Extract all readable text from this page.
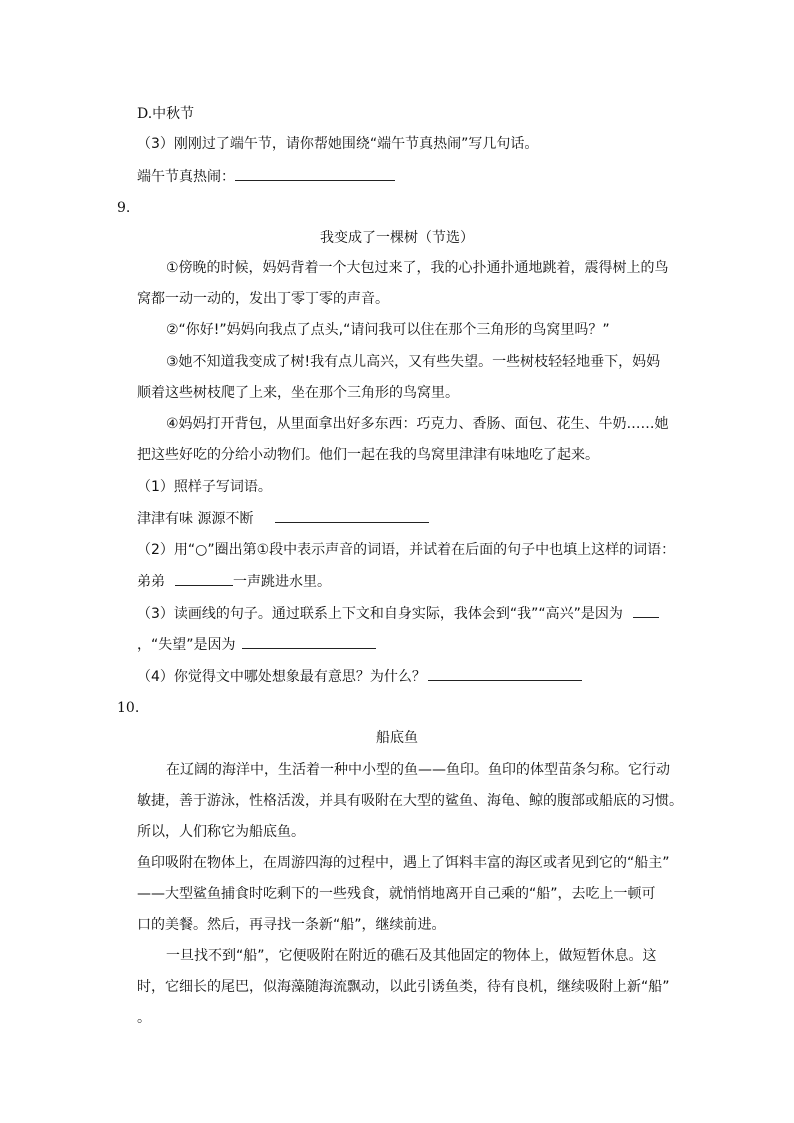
D.中秋节
（3）刚刚过了端午节，请你帮她围绕“端午节真热闹”写几句话。
端午节真热闹：
9.
我变成了一棵树（节选）
①傍晚的时候，妈妈背着一个大包过来了，我的心扑通扑通地跳着，震得树上的鸟
窝都一动一动的，发出丁零丁零的声音。
②“你好!”妈妈向我点了点头,“请问我可以住在那个三角形的鸟窝里吗？”
③她不知道我变成了树!我有点儿高兴，又有些失望。一些树枝轻轻地垂下，妈妈
顺着这些树枝爬了上来，坐在那个三角形的鸟窝里。
④妈妈打开背包，从里面拿出好多东西：巧克力、香肠、面包、花生、牛奶……她
把这些好吃的分给小动物们。他们一起在我的鸟窝里津津有味地吃了起来。
（1）照样子写词语。
津津有味 源源不断
（2）用“○”圈出第①段中表示声音的词语，并试着在后面的句子中也填上这样的词语：
弟弟	一声跳进水里。
（3）读画线的句子。通过联系上下文和自身实际，我体会到“我”“高兴”是因为
，“失望”是因为
（4）你觉得文中哪处想象最有意思？为什么？
10.
船底鱼
在辽阔的海洋中，生活着一种中小型的鱼——鱼印。鱼印的体型苗条匀称。它行动
敏捷，善于游泳，性格活泼，并具有吸附在大型的鲨鱼、海龟、鲸的腹部或船底的习惯。
所以，人们称它为船底鱼。
鱼印吸附在物体上，在周游四海的过程中，遇上了饵料丰富的海区或者见到它的“船主”
——大型鲨鱼捕食时吃剩下的一些残食，就悄悄地离开自己乘的“船”，去吃上一顿可
口的美餐。然后，再寻找一条新“船”，继续前进。
一旦找不到“船”，它便吸附在附近的礁石及其他固定的物体上，做短暂休息。这
时，它细长的尾巴，似海藻随海流飘动，以此引诱鱼类，待有良机，继续吸附上新“船”
。
